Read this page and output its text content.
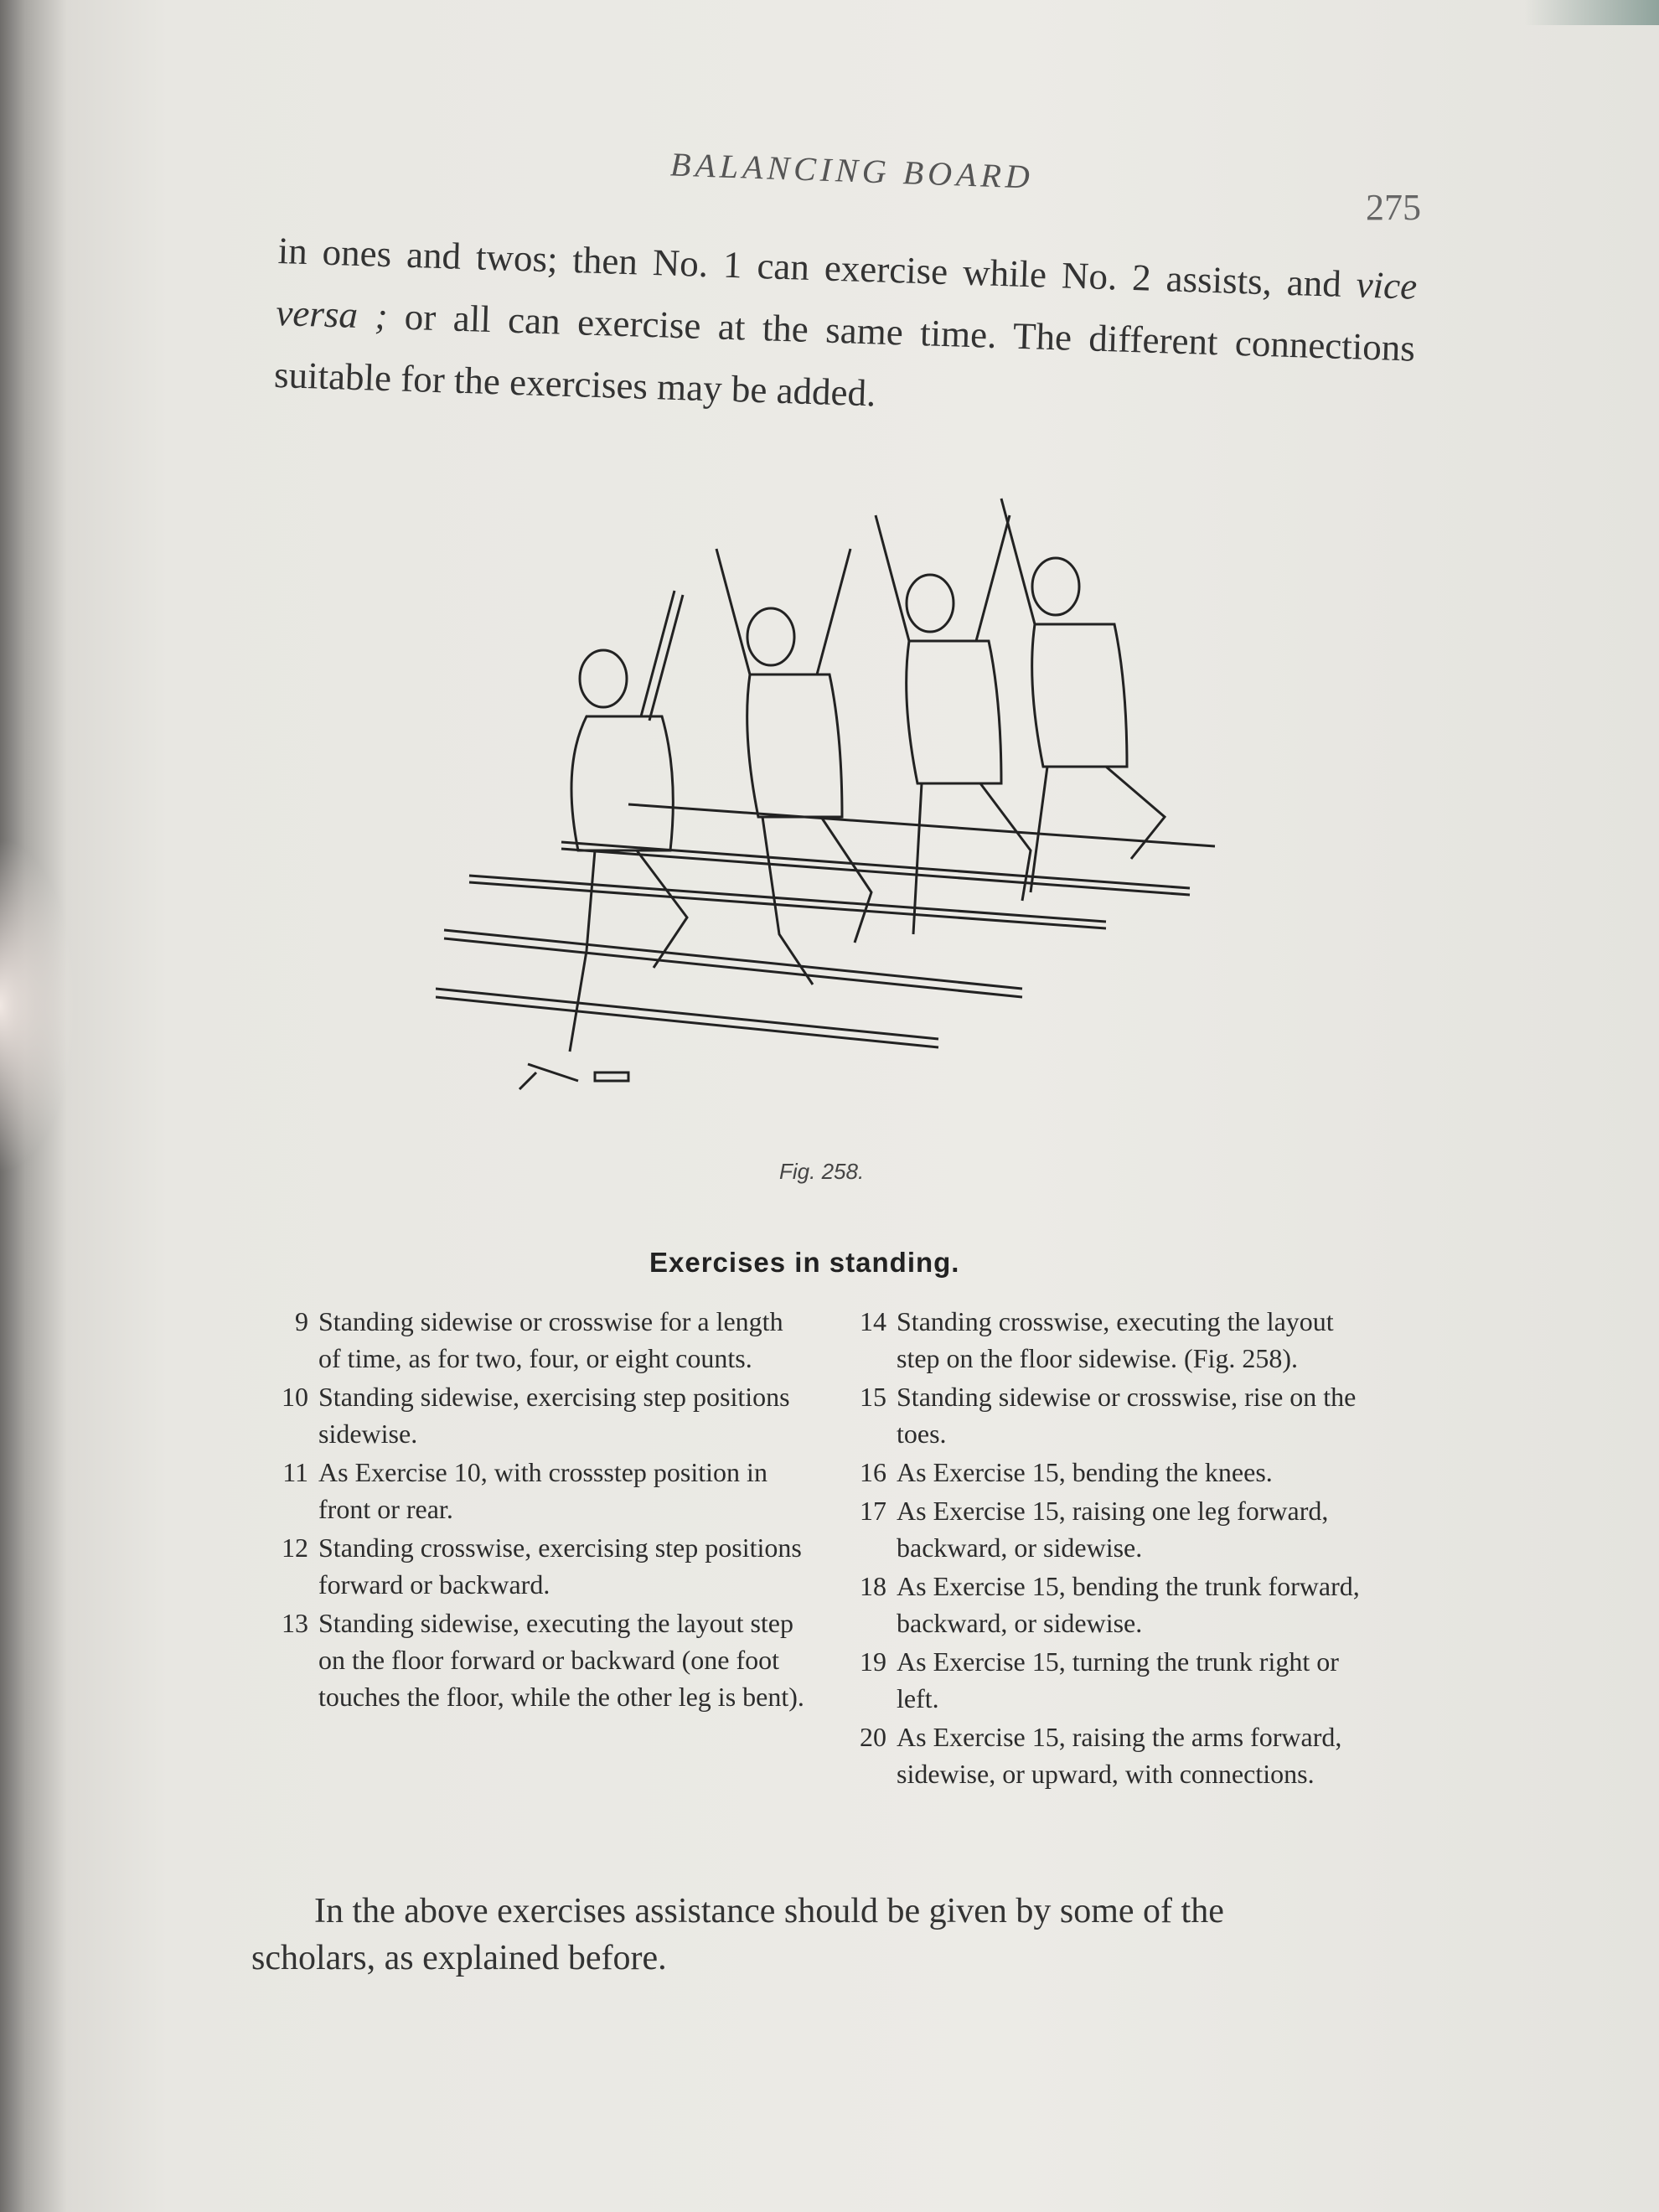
BALANCING BOARD
275

in ones and twos; then No. 1 can exercise while No. 2 assists, and vice versa ; or all can exercise at the same time. The different connections suitable for the exercises may be added.

Fig. 258.
Exercises in standing.
9 Standing sidewise or crosswise for a length of time, as for two, four, or eight counts.
10 Standing sidewise, exercising step positions sidewise.
11 As Exercise 10, with crossstep position in front or rear.
12 Standing crosswise, exercising step positions forward or backward.
13 Standing sidewise, executing the layout step on the floor forward or backward (one foot touches the floor, while the other leg is bent).
14 Standing crosswise, executing the layout step on the floor sidewise. (Fig. 258).
15 Standing sidewise or crosswise, rise on the toes.
16 As Exercise 15, bending the knees.
17 As Exercise 15, raising one leg forward, backward, or sidewise.
18 As Exercise 15, bending the trunk forward, backward, or sidewise.
19 As Exercise 15, turning the trunk right or left.
20 As Exercise 15, raising the arms forward, sidewise, or upward, with connections.

In the above exercises assistance should be given by some of the scholars, as explained before.
